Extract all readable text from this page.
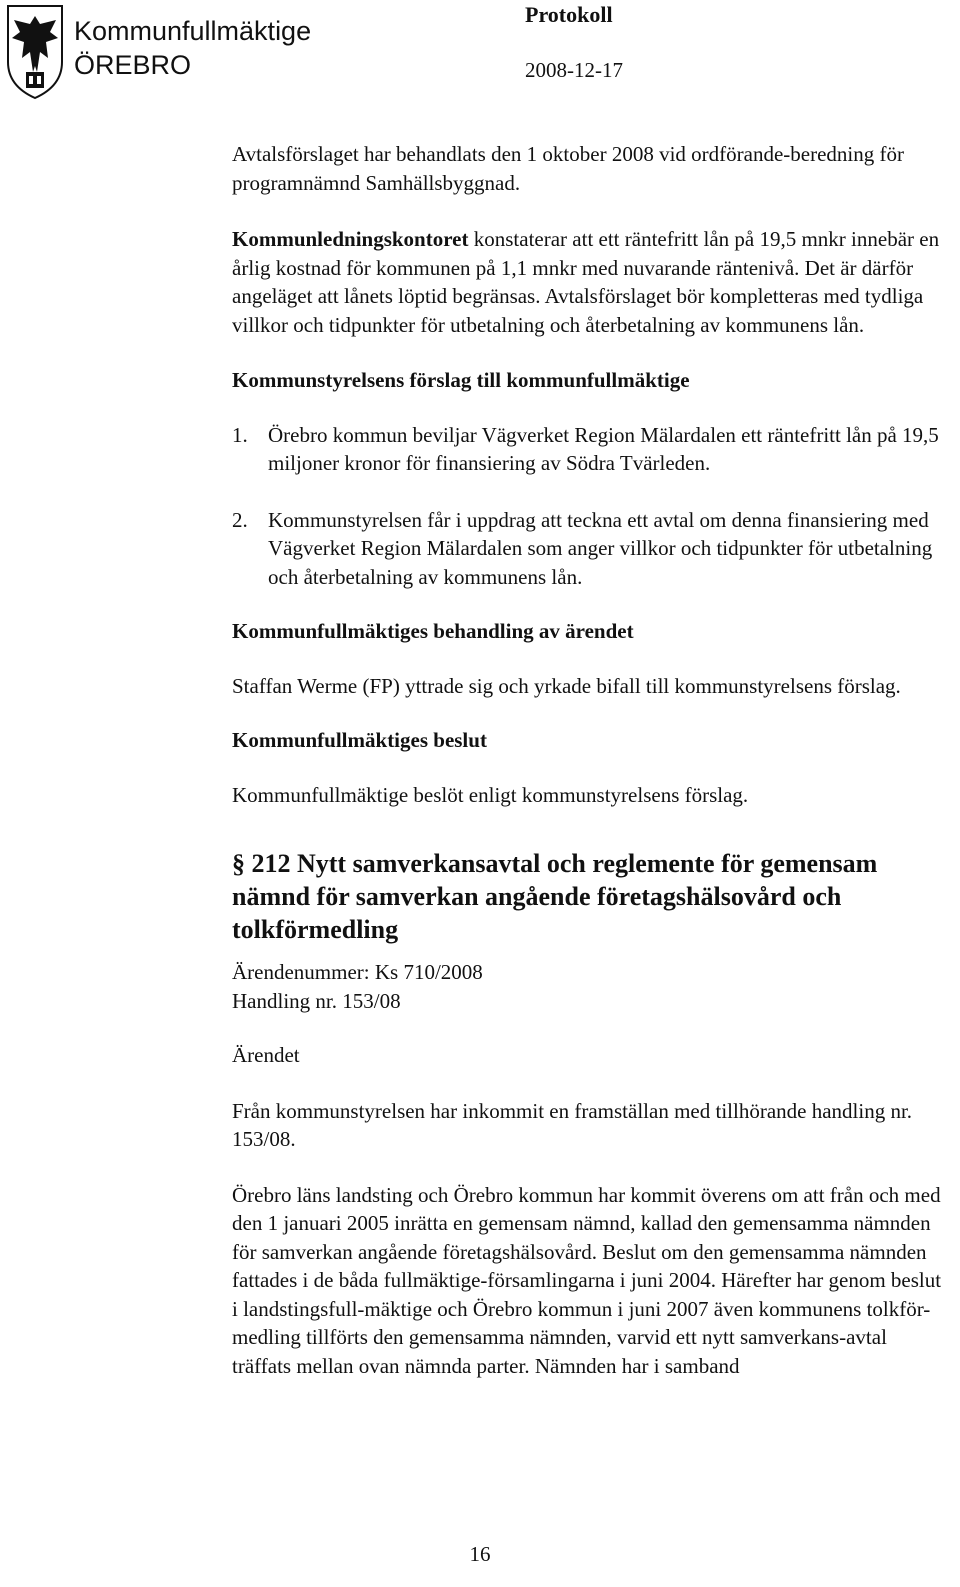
Kommunfullmäktige
ÖREBRO
Protokoll
2008-12-17

Avtalsförslaget har behandlats den 1 oktober 2008 vid ordförande-beredning för programnämnd Samhällsbyggnad.

Kommunledningskontoret konstaterar att ett räntefritt lån på 19,5 mnkr innebär en årlig kostnad för kommunen på 1,1 mnkr med nuvarande räntenivå. Det är därför angeläget att lånets löptid begränsas. Avtalsförslaget bör kompletteras med tydliga villkor och tidpunkter för utbetalning och återbetalning av kommunens lån.

Kommunstyrelsens förslag till kommunfullmäktige
1. Örebro kommun beviljar Vägverket Region Mälardalen ett räntefritt lån på 19,5 miljoner kronor för finansiering av Södra Tvärleden.
2. Kommunstyrelsen får i uppdrag att teckna ett avtal om denna finansiering med Vägverket Region Mälardalen som anger villkor och tidpunkter för utbetalning och återbetalning av kommunens lån.
Kommunfullmäktiges behandling av ärendet

Staffan Werme (FP) yttrade sig och yrkade bifall till kommunstyrelsens förslag.

Kommunfullmäktiges beslut

Kommunfullmäktige beslöt enligt kommunstyrelsens förslag.

§ 212 Nytt samverkansavtal och reglemente för gemensam nämnd för samverkan angående företagshälsovård och tolkförmedling

Ärendenummer: Ks 710/2008

Handling nr. 153/08

Ärendet

Från kommunstyrelsen har inkommit en framställan med tillhörande handling nr. 153/08.

Örebro läns landsting och Örebro kommun har kommit överens om att från och med den 1 januari 2005 inrätta en gemensam nämnd, kallad den gemensamma nämnden för samverkan angående företagshälsovård. Beslut om den gemensamma nämnden fattades i de båda fullmäktige-församlingarna i juni 2004. Härefter har genom beslut i landstingsfull-mäktige och Örebro kommun i juni 2007 även kommunens tolkför-medling tillförts den gemensamma nämnden, varvid ett nytt samverkans-avtal träffats mellan ovan nämnda parter. Nämnden har i samband

16
